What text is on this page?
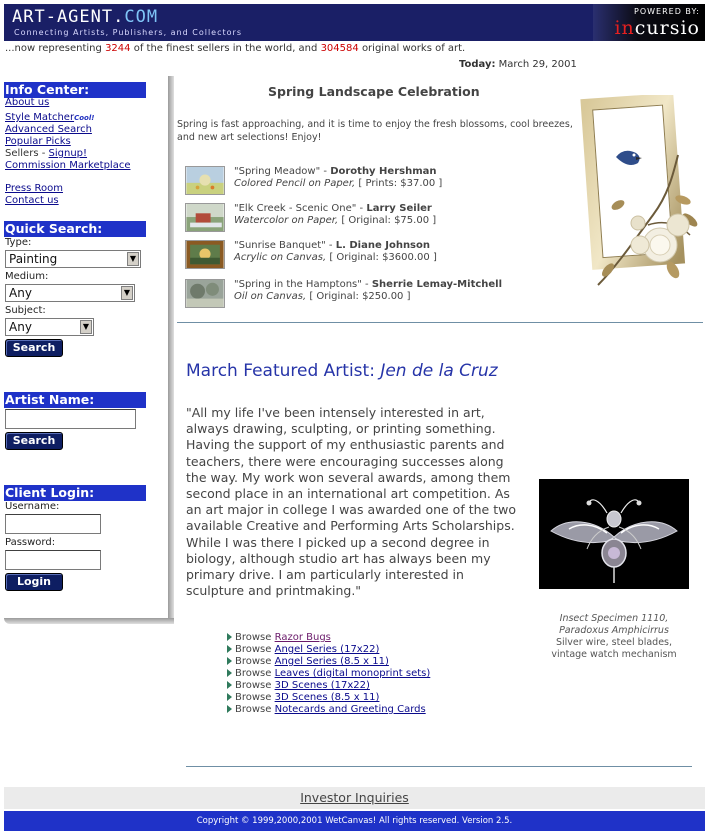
ART-AGENT.COM
Connecting Artists, Publishers, and Collectors
POWERED BY:
incursio
...now representing 3244 of the finest sellers in the world, and 304584 original works of art.
Today: March 29, 2001
Info Center:
About us
Style MatcherCool!
Advanced Search
Popular Picks
Sellers - Signup!
Commission Marketplace
Press Room
Contact us
Quick Search:
Type:
Painting	▼
Medium:
Any	▼
Subject:
Any	▼
Search
Artist Name:
Search
Client Login:
Username:
Password:
Login
Spring Landscape Celebration
Spring is fast approaching, and it is time to enjoy the fresh blossoms, cool breezes, and new art selections! Enjoy!
"Spring Meadow" - Dorothy Hershman
Colored Pencil on Paper, [ Prints: $37.00 ]
"Elk Creek - Scenic One" - Larry Seiler
Watercolor on Paper, [ Original: $75.00 ]
"Sunrise Banquet" - L. Diane Johnson
Acrylic on Canvas, [ Original: $3600.00 ]
"Spring in the Hamptons" - Sherrie Lemay-Mitchell
Oil on Canvas, [ Original: $250.00 ]
March Featured Artist: Jen de la Cruz
"All my life I've been intensely interested in art, always drawing, sculpting, or printing something. Having the support of my enthusiastic parents and teachers, there were encouraging successes along the way. My work won several awards, among them second place in an international art competition. As an art major in college I was awarded one of the two available Creative and Performing Arts Scholarships. While I was there I picked up a second degree in biology, although studio art has always been my primary drive. I am particularly interested in sculpture and printmaking."
Insect Specimen 1110,
Paradoxus Amphicirrus
Silver wire, steel blades,
vintage watch mechanism
Browse Razor Bugs
Browse Angel Series (17x22)
Browse Angel Series (8.5 x 11)
Browse Leaves (digital monoprint sets)
Browse 3D Scenes (17x22)
Browse 3D Scenes (8.5 x 11)
Browse Notecards and Greeting Cards
Investor Inquiries
Copyright © 1999,2000,2001 WetCanvas! All rights reserved. Version 2.5.
